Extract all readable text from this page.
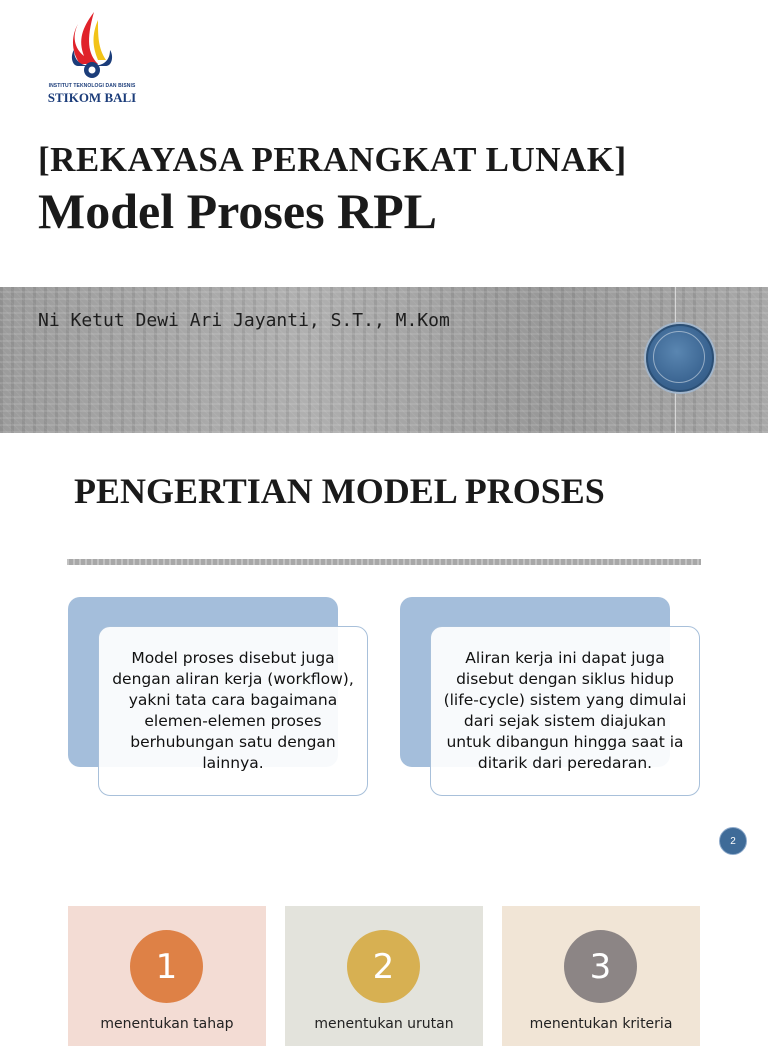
INSTITUT TEKNOLOGI DAN BISNIS
STIKOM BALI
[REKAYASA PERANGKAT LUNAK]
Model Proses RPL
Ni Ketut Dewi Ari Jayanti, S.T., M.Kom
PENGERTIAN MODEL PROSES
Model proses disebut juga dengan aliran kerja (workflow), yakni tata cara bagaimana elemen-elemen proses berhubungan satu dengan lainnya.
Aliran kerja ini dapat juga disebut dengan siklus hidup (life-cycle) sistem yang dimulai dari sejak sistem diajukan untuk dibangun hingga saat ia ditarik dari peredaran.
2
1
menentukan tahap
2
menentukan urutan
3
menentukan kriteria
